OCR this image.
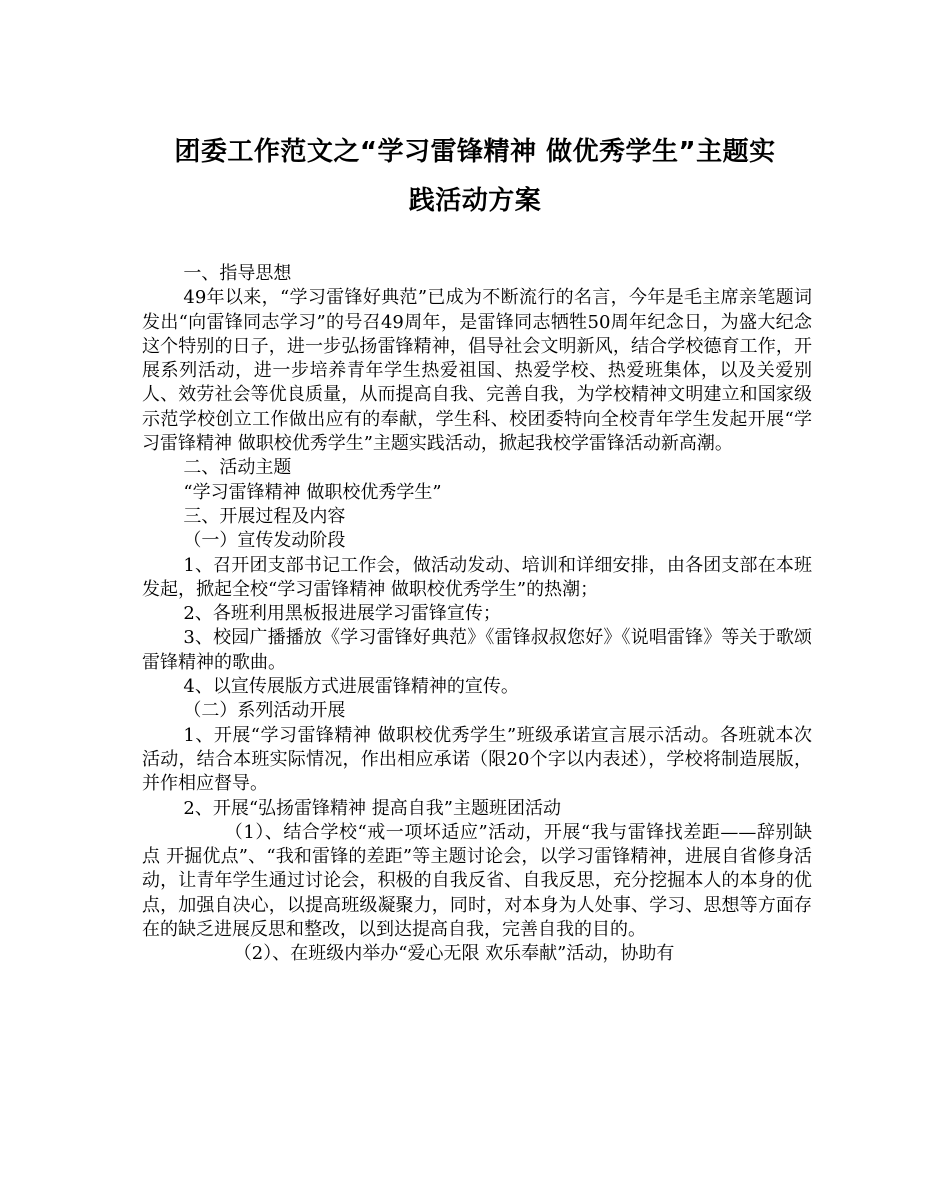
团委工作范文之“学习雷锋精神 做优秀学生”主题实
践活动方案

一、指导思想

49年以来，“学习雷锋好典范”已成为不断流行的名言，今年是毛主席亲笔题词发出“向雷锋同志学习”的号召49周年，是雷锋同志牺牲50周年纪念日，为盛大纪念这个特别的日子，进一步弘扬雷锋精神，倡导社会文明新风，结合学校德育工作，开展系列活动，进一步培养青年学生热爱祖国、热爱学校、热爱班集体，以及关爱别人、效劳社会等优良质量，从而提高自我、完善自我，为学校精神文明建立和国家级示范学校创立工作做出应有的奉献，学生科、校团委特向全校青年学生发起开展“学习雷锋精神 做职校优秀学生”主题实践活动，掀起我校学雷锋活动新高潮。

二、活动主题

“学习雷锋精神 做职校优秀学生”

三、开展过程及内容

（一）宣传发动阶段

1、召开团支部书记工作会，做活动发动、培训和详细安排，由各团支部在本班发起，掀起全校“学习雷锋精神 做职校优秀学生”的热潮；

2、各班利用黑板报进展学习雷锋宣传；

3、校园广播播放《学习雷锋好典范》《雷锋叔叔您好》《说唱雷锋》等关于歌颂雷锋精神的歌曲。

4、以宣传展版方式进展雷锋精神的宣传。

（二）系列活动开展

1、开展“学习雷锋精神 做职校优秀学生”班级承诺宣言展示活动。各班就本次活动，结合本班实际情况，作出相应承诺（限20个字以内表述），学校将制造展版，并作相应督导。

2、开展“弘扬雷锋精神 提高自我”主题班团活动

（1）、结合学校“戒一项坏适应”活动，开展“我与雷锋找差距——辞别缺点 开掘优点”、“我和雷锋的差距”等主题讨论会，以学习雷锋精神，进展自省修身活动，让青年学生通过讨论会，积极的自我反省、自我反思，充分挖掘本人的本身的优点，加强自决心，以提高班级凝聚力，同时，对本身为人处事、学习、思想等方面存在的缺乏进展反思和整改，以到达提高自我，完善自我的目的。

（2）、在班级内举办“爱心无限 欢乐奉献”活动，协助有
